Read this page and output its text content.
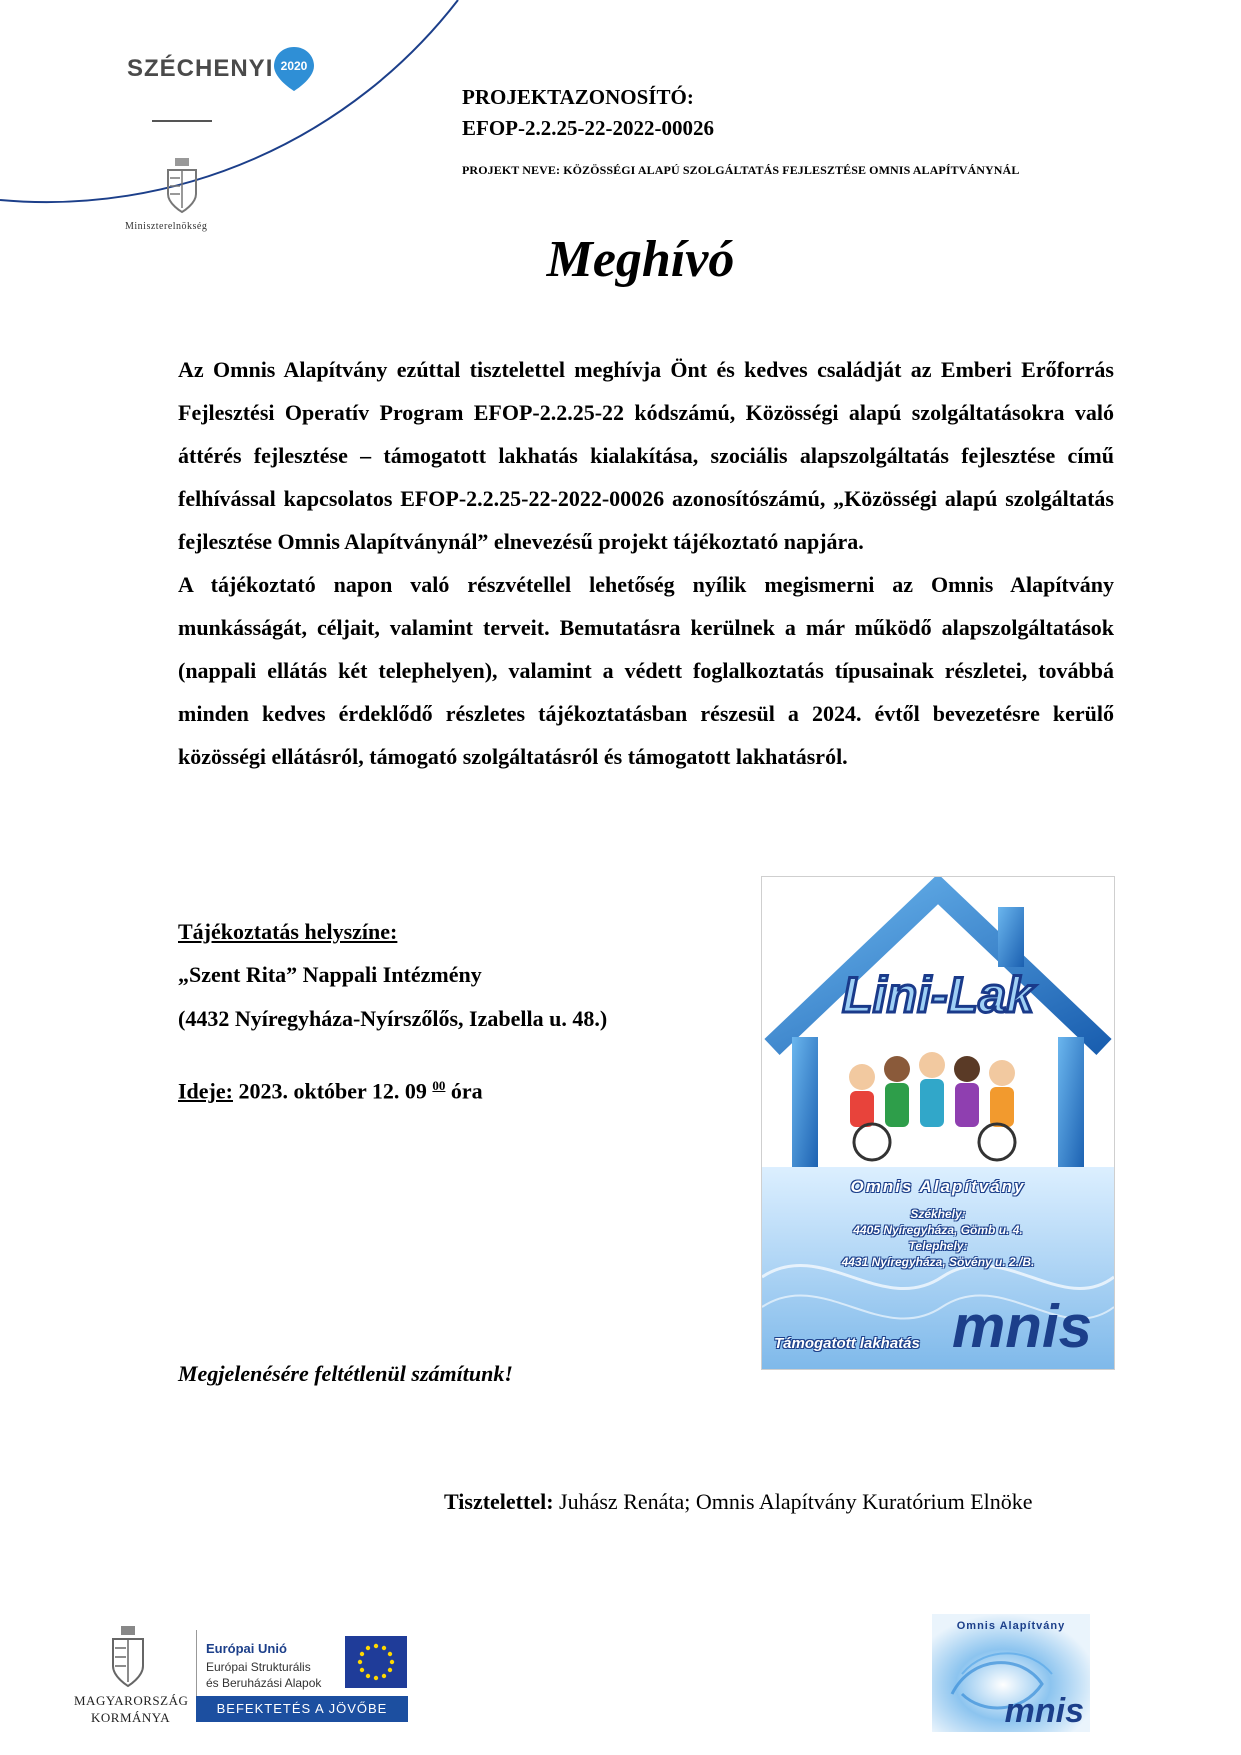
SZÉCHENYI 2020
Miniszterelnökség
PROJEKTAZONOSÍTÓ:
EFOP-2.2.25-22-2022-00026
PROJEKT NEVE: KÖZÖSSÉGI ALAPÚ SZOLGÁLTATÁS FEJLESZTÉSE OMNIS ALAPÍTVÁNYNÁL
Meghívó

Az Omnis Alapítvány ezúttal tisztelettel meghívja Önt és kedves családját az Emberi Erőforrás Fejlesztési Operatív Program EFOP-2.2.25-22 kódszámú, Közösségi alapú szolgáltatásokra való áttérés fejlesztése – támogatott lakhatás kialakítása, szociális alapszolgáltatás fejlesztése című felhívással kapcsolatos EFOP-2.2.25-22-2022-00026 azonosítószámú, „Közösségi alapú szolgáltatás fejlesztése Omnis Alapítványnál” elnevezésű projekt tájékoztató napjára.

A tájékoztató napon való részvétellel lehetőség nyílik megismerni az Omnis Alapítvány munkásságát, céljait, valamint terveit. Bemutatásra kerülnek a már működő alapszolgáltatások (nappali ellátás két telephelyen), valamint a védett foglalkoztatás típusainak részletei, továbbá minden kedves érdeklődő részletes tájékoztatásban részesül a 2024. évtől bevezetésre kerülő közösségi ellátásról, támogató szolgáltatásról és támogatott lakhatásról.

Tájékoztatás helyszíne:
„Szent Rita” Nappali Intézmény
(4432 Nyíregyháza-Nyírszőlős, Izabella u. 48.)
Ideje: 2023. október 12. 09 $^{00}$ óra
Lini-Lak
mnis
Omnis Alapítvány
Székhely:
4405 Nyíregyháza, Gömb u. 4.
Telephely:
4431 Nyíregyháza, Sövény u. 2./B.
Támogatott lakhatás
Megjelenésére feltétlenül számítunk!
Tisztelettel: Juhász Renáta; Omnis Alapítvány Kuratórium Elnöke
MAGYARORSZÁG
KORMÁNYA
Európai Unió
Európai Strukturális
és Beruházási Alapok
BEFEKTETÉS A JÖVŐBE	mnis
Omnis Alapítvány
